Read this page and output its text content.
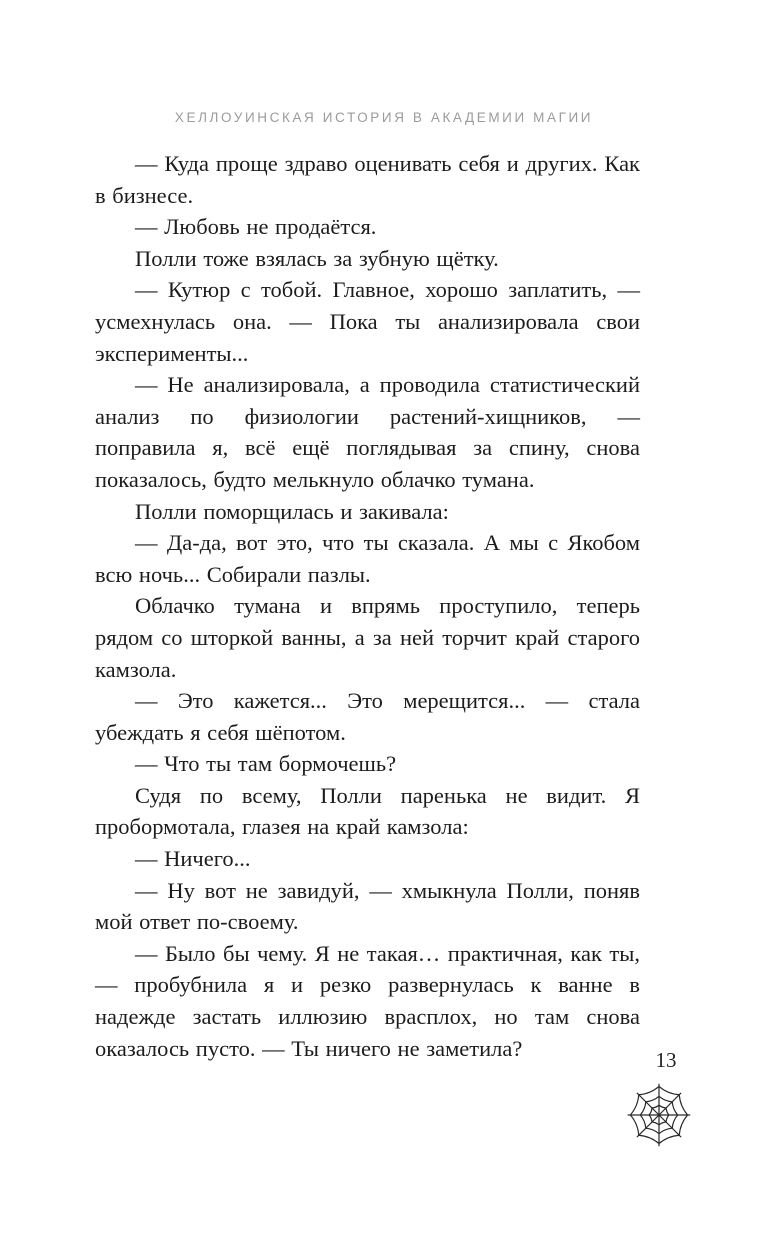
ХЕЛЛОУИНСКАЯ ИСТОРИЯ В АКАДЕМИИ МАГИИ

— Куда проще здраво оценивать себя и других. Как в бизнесе.

— Любовь не продаётся.

Полли тоже взялась за зубную щётку.

— Кутюр с тобой. Главное, хорошо заплатить, — усмехнулась она. — Пока ты анализировала свои эксперименты...

— Не анализировала, а проводила статистический анализ по физиологии растений-хищников, — поправила я, всё ещё поглядывая за спину, снова показалось, будто мелькнуло облачко тумана.

Полли поморщилась и закивала:

— Да-да, вот это, что ты сказала. А мы с Якобом всю ночь... Собирали пазлы.

Облачко тумана и впрямь проступило, теперь рядом со шторкой ванны, а за ней торчит край старого камзола.

— Это кажется... Это мерещится... — стала убеждать я себя шёпотом.

— Что ты там бормочешь?

Судя по всему, Полли паренька не видит. Я пробормотала, глазея на край камзола:

— Ничего...

— Ну вот не завидуй, — хмыкнула Полли, поняв мой ответ по-своему.

— Было бы чему. Я не такая… практичная, как ты, — пробубнила я и резко развернулась к ванне в надежде застать иллюзию врасплох, но там снова оказалось пусто. — Ты ничего не заметила?	13
